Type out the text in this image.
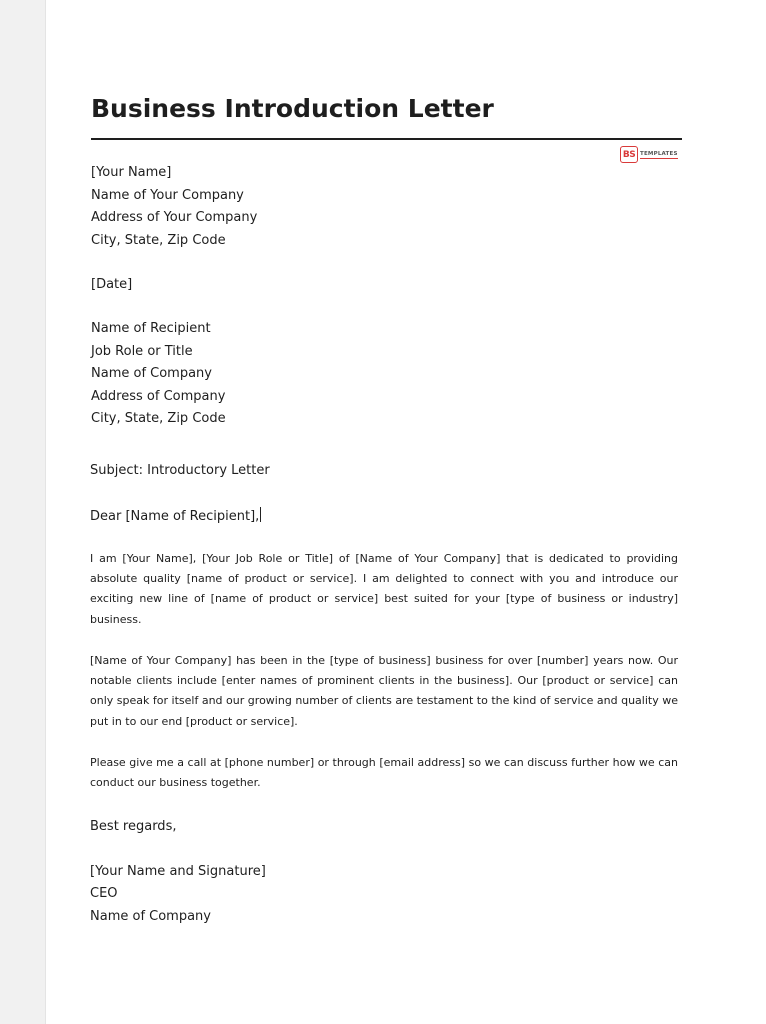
Business Introduction Letter
BS TEMPLATES
[Your Name]
Name of Your Company
Address of Your Company
City, State, Zip Code
[Date]
Name of Recipient
Job Role or Title
Name of Company
Address of Company
City, State, Zip Code
Subject: Introductory Letter
Dear [Name of Recipient],
I am [Your Name], [Your Job Role or Title] of [Name of Your Company] that is dedicated to providing absolute quality [name of product or service]. I am delighted to connect with you and introduce our exciting new line of [name of product or service] best suited for your [type of business or industry] business.
[Name of Your Company] has been in the [type of business] business for over [number] years now. Our notable clients include [enter names of prominent clients in the business]. Our [product or service] can only speak for itself and our growing number of clients are testament to the kind of service and quality we put in to our end [product or service].
Please give me a call at [phone number] or through [email address] so we can discuss further how we can conduct our business together.
Best regards,
[Your Name and Signature]
CEO
Name of Company
